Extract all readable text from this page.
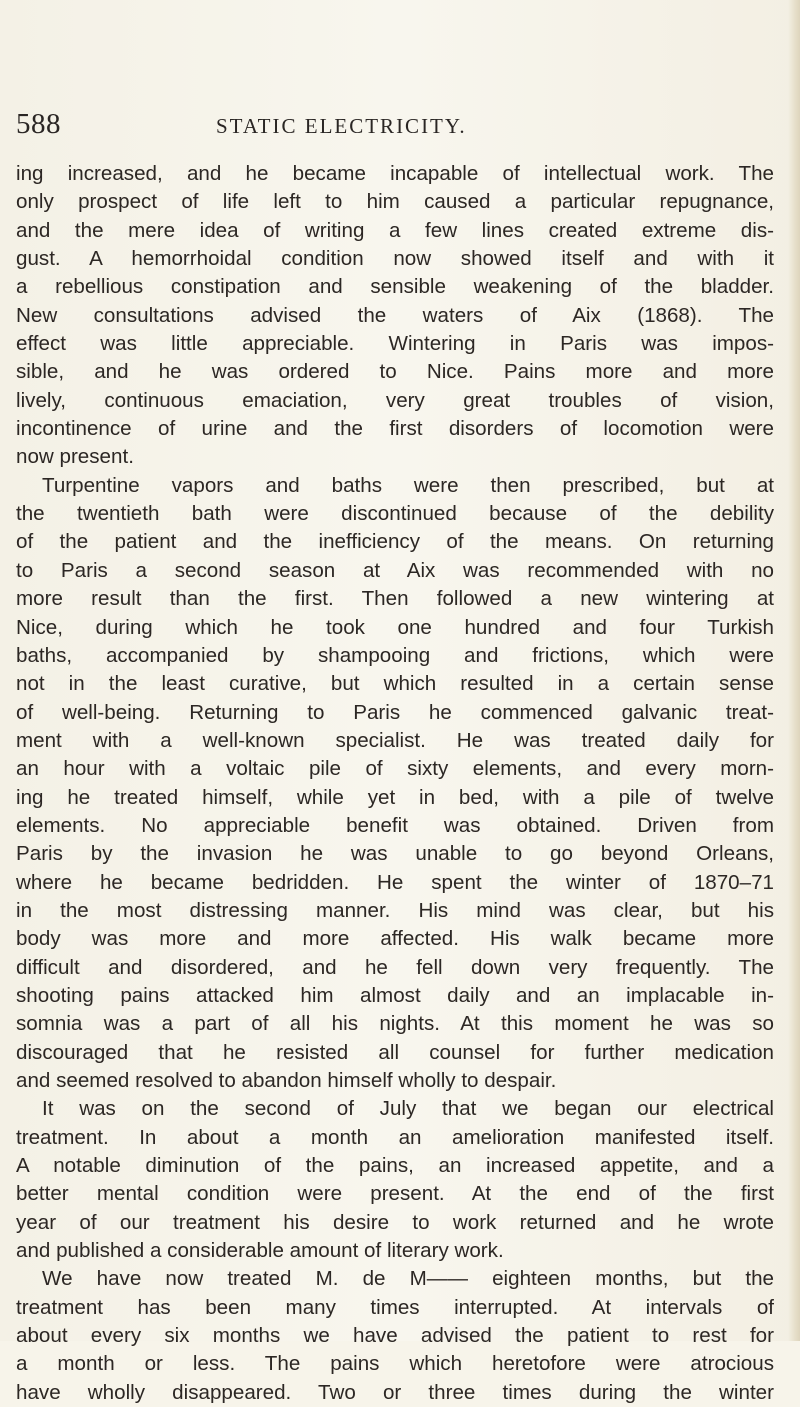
588	STATIC ELECTRICITY.
ing increased, and he became incapable of intellectual work. The
only prospect of life left to him caused a particular repugnance,
and the mere idea of writing a few lines created extreme dis-
gust. A hemorrhoidal condition now showed itself and with it
a rebellious constipation and sensible weakening of the bladder.
New consultations advised the waters of Aix (1868). The
effect was little appreciable. Wintering in Paris was impos-
sible, and he was ordered to Nice. Pains more and more
lively, continuous emaciation, very great troubles of vision,
incontinence of urine and the first disorders of locomotion were
now present.
Turpentine vapors and baths were then prescribed, but at
the twentieth bath were discontinued because of the debility
of the patient and the inefficiency of the means. On returning
to Paris a second season at Aix was recommended with no
more result than the first. Then followed a new wintering at
Nice, during which he took one hundred and four Turkish
baths, accompanied by shampooing and frictions, which were
not in the least curative, but which resulted in a certain sense
of well-being. Returning to Paris he commenced galvanic treat-
ment with a well-known specialist. He was treated daily for
an hour with a voltaic pile of sixty elements, and every morn-
ing he treated himself, while yet in bed, with a pile of twelve
elements. No appreciable benefit was obtained. Driven from
Paris by the invasion he was unable to go beyond Orleans,
where he became bedridden. He spent the winter of 1870–71
in the most distressing manner. His mind was clear, but his
body was more and more affected. His walk became more
difficult and disordered, and he fell down very frequently. The
shooting pains attacked him almost daily and an implacable in-
somnia was a part of all his nights. At this moment he was so
discouraged that he resisted all counsel for further medication
and seemed resolved to abandon himself wholly to despair.
It was on the second of July that we began our electrical
treatment. In about a month an amelioration manifested itself.
A notable diminution of the pains, an increased appetite, and a
better mental condition were present. At the end of the first
year of our treatment his desire to work returned and he wrote
and published a considerable amount of literary work.
We have now treated M. de M—— eighteen months, but the
treatment has been many times interrupted. At intervals of
about every six months we have advised the patient to rest for
a month or less. The pains which heretofore were atrocious
have wholly disappeared. Two or three times during the winter
